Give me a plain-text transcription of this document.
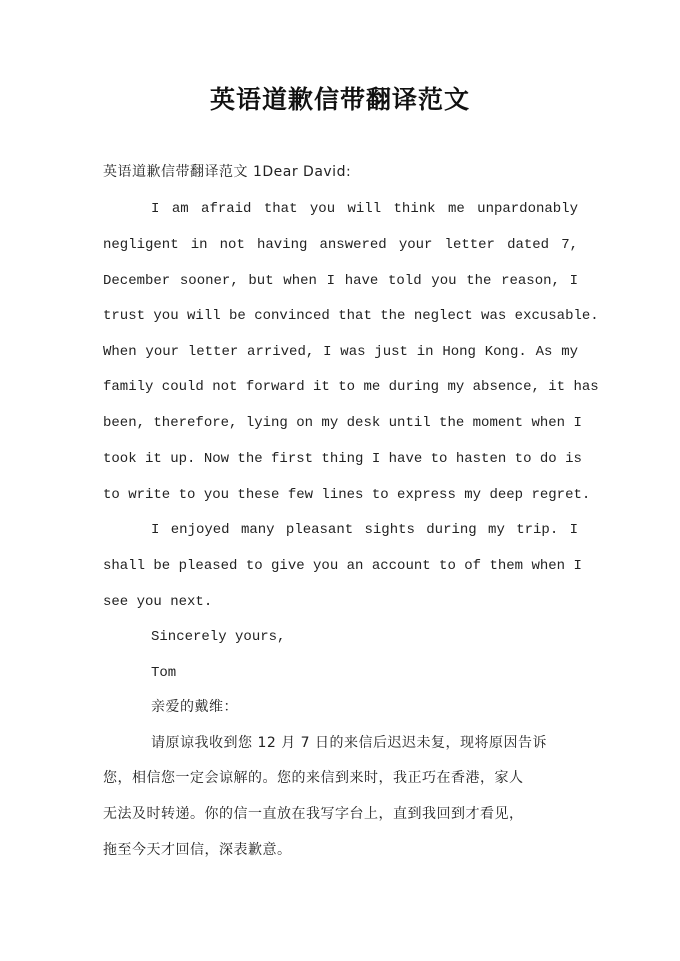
英语道歉信带翻译范文
英语道歉信带翻译范文 1Dear David:
I am afraid that you will think me unpardonably
negligent in not having answered your letter dated 7,
December sooner, but when I have told you the reason, I
trust you will be convinced that the neglect was excusable.
When your letter arrived, I was just in Hong Kong. As my
family could not forward it to me during my absence, it has
been, therefore, lying on my desk until the moment when I
took it up. Now the first thing I have to hasten to do is
to write to you these few lines to express my deep regret.
I enjoyed many pleasant sights during my trip. I
shall be pleased to give you an account to of them when I
see you next.
Sincerely yours,
Tom
亲爱的戴维：
请原谅我收到您 12 月 7 日的来信后迟迟未复，现将原因告诉
您，相信您一定会谅解的。您的来信到来时，我正巧在香港，家人
无法及时转递。你的信一直放在我写字台上，直到我回到才看见，
拖至今天才回信，深表歉意。
